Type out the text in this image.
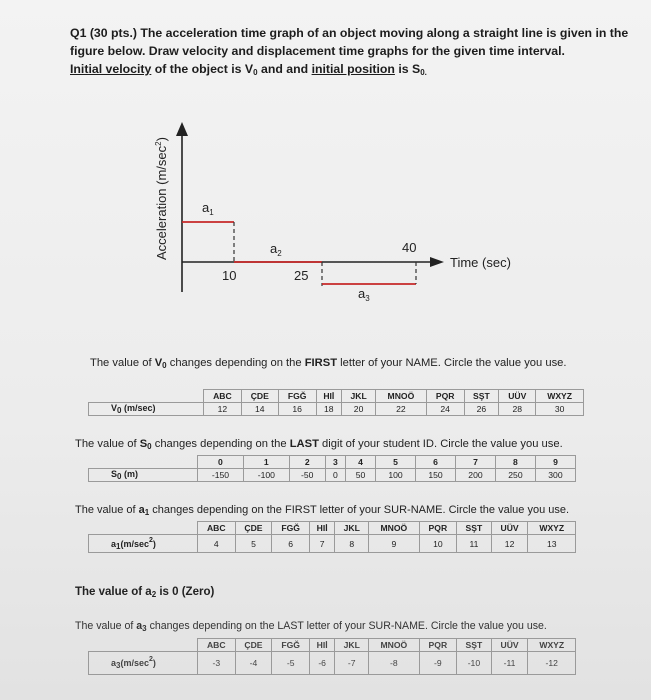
Q1 (30 pts.) The acceleration time graph of an object moving along a straight line is given in the figure below. Draw velocity and displacement time graphs for the given time interval.
Initial velocity of the object is $V_0$ and and initial position is $S_{0.}$
Acceleration $(m/\sec^2)$
$a_1$
$a_2$
$a_3$
10	25
40
Time (sec)
The value of $V_0$ changes depending on the FIRST letter of your NAME. Circle the value you use.
	ABC	ÇDE	FGĞ	HIİ	JKL	MNOÖ	PQR	SŞT	UÜV	WXYZ
V0 (m/sec)	12	14	16	18	20	22	24	26	28	30
The value of $S_0$ changes depending on the LAST digit of your student ID. Circle the value you use.
	0	1	2	3	4	5	6	7	8	9
S0 (m)	-150	-100	-50	0	50	100	150	200	250	300
The value of $a_1$ changes depending on the FIRST letter of your SUR-NAME. Circle the value you use.
	ABC	ÇDE	FGĞ	HIİ	JKL	MNOÖ	PQR	SŞT	UÜV	WXYZ
$a1(m/\sec^2)$	4	5	6	7	8	9	10	11	12	13
The value of $a_2$ is 0 (Zero)
The value of $a_3$ changes depending on the LAST letter of your SUR-NAME. Circle the value you use.
	ABC	ÇDE	FGĞ	HIİ	JKL	MNOÖ	PQR	SŞT	UÜV	WXYZ
$a3(m/\sec^2)$	-3	-4	-5	-6	-7	-8	-9	-10	-11	-12
